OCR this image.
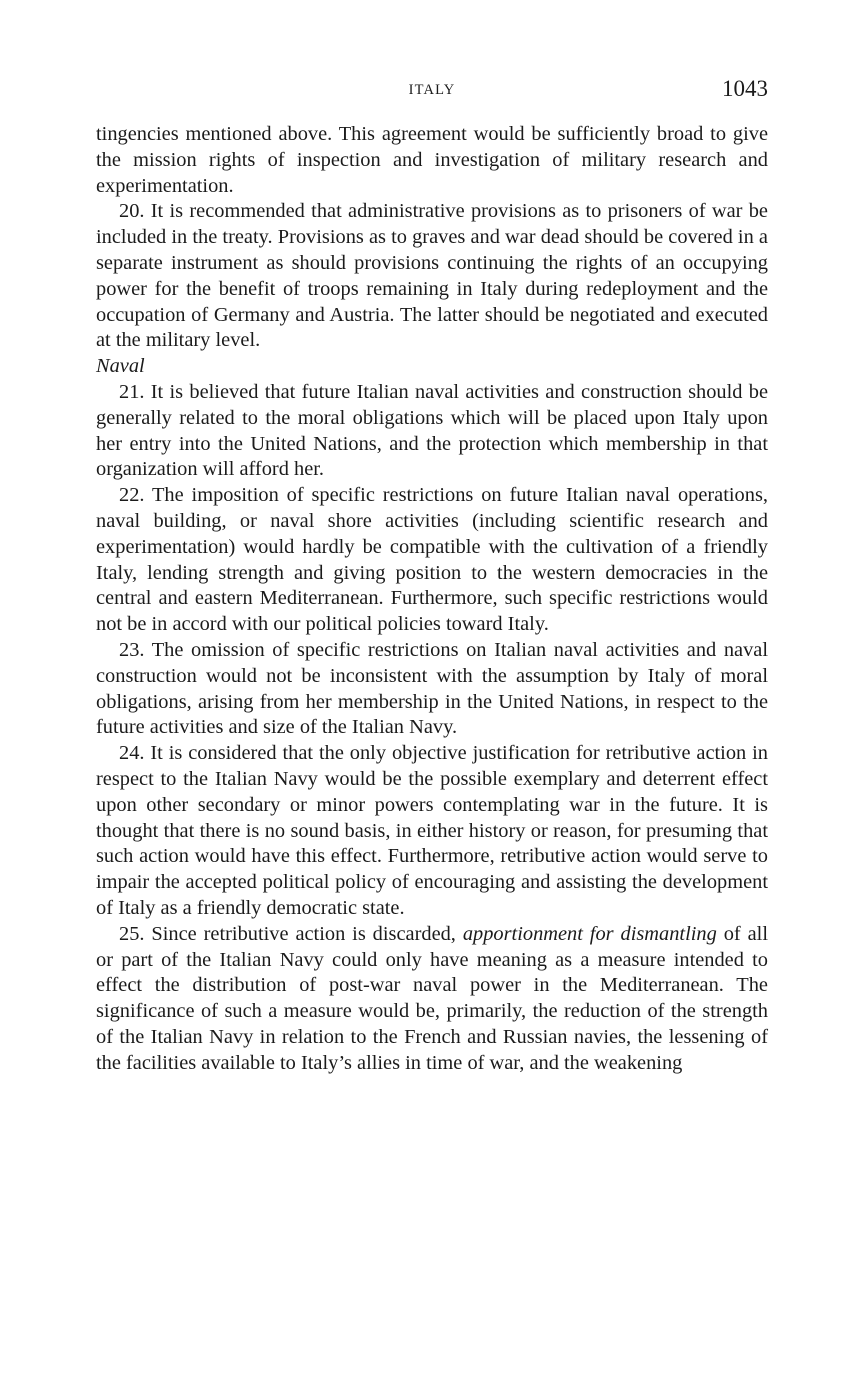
ITALY	1043

tingencies mentioned above. This agreement would be sufficiently broad to give the mission rights of inspection and investigation of military research and experimentation.

20. It is recommended that administrative provisions as to prisoners of war be included in the treaty. Provisions as to graves and war dead should be covered in a separate instrument as should provisions continuing the rights of an occupying power for the benefit of troops remaining in Italy during redeployment and the occupation of Germany and Austria. The latter should be negotiated and executed at the military level.

Naval

21. It is believed that future Italian naval activities and construction should be generally related to the moral obligations which will be placed upon Italy upon her entry into the United Nations, and the protection which membership in that organization will afford her.

22. The imposition of specific restrictions on future Italian naval operations, naval building, or naval shore activities (including scientific research and experimentation) would hardly be compatible with the cultivation of a friendly Italy, lending strength and giving position to the western democracies in the central and eastern Mediterranean. Furthermore, such specific restrictions would not be in accord with our political policies toward Italy.

23. The omission of specific restrictions on Italian naval activities and naval construction would not be inconsistent with the assumption by Italy of moral obligations, arising from her membership in the United Nations, in respect to the future activities and size of the Italian Navy.

24. It is considered that the only objective justification for retributive action in respect to the Italian Navy would be the possible exemplary and deterrent effect upon other secondary or minor powers contemplating war in the future. It is thought that there is no sound basis, in either history or reason, for presuming that such action would have this effect. Furthermore, retributive action would serve to impair the accepted political policy of encouraging and assisting the development of Italy as a friendly democratic state.

25. Since retributive action is discarded, apportionment for dismantling of all or part of the Italian Navy could only have meaning as a measure intended to effect the distribution of post-war naval power in the Mediterranean. The significance of such a measure would be, primarily, the reduction of the strength of the Italian Navy in relation to the French and Russian navies, the lessening of the facilities available to Italy’s allies in time of war, and the weakening
